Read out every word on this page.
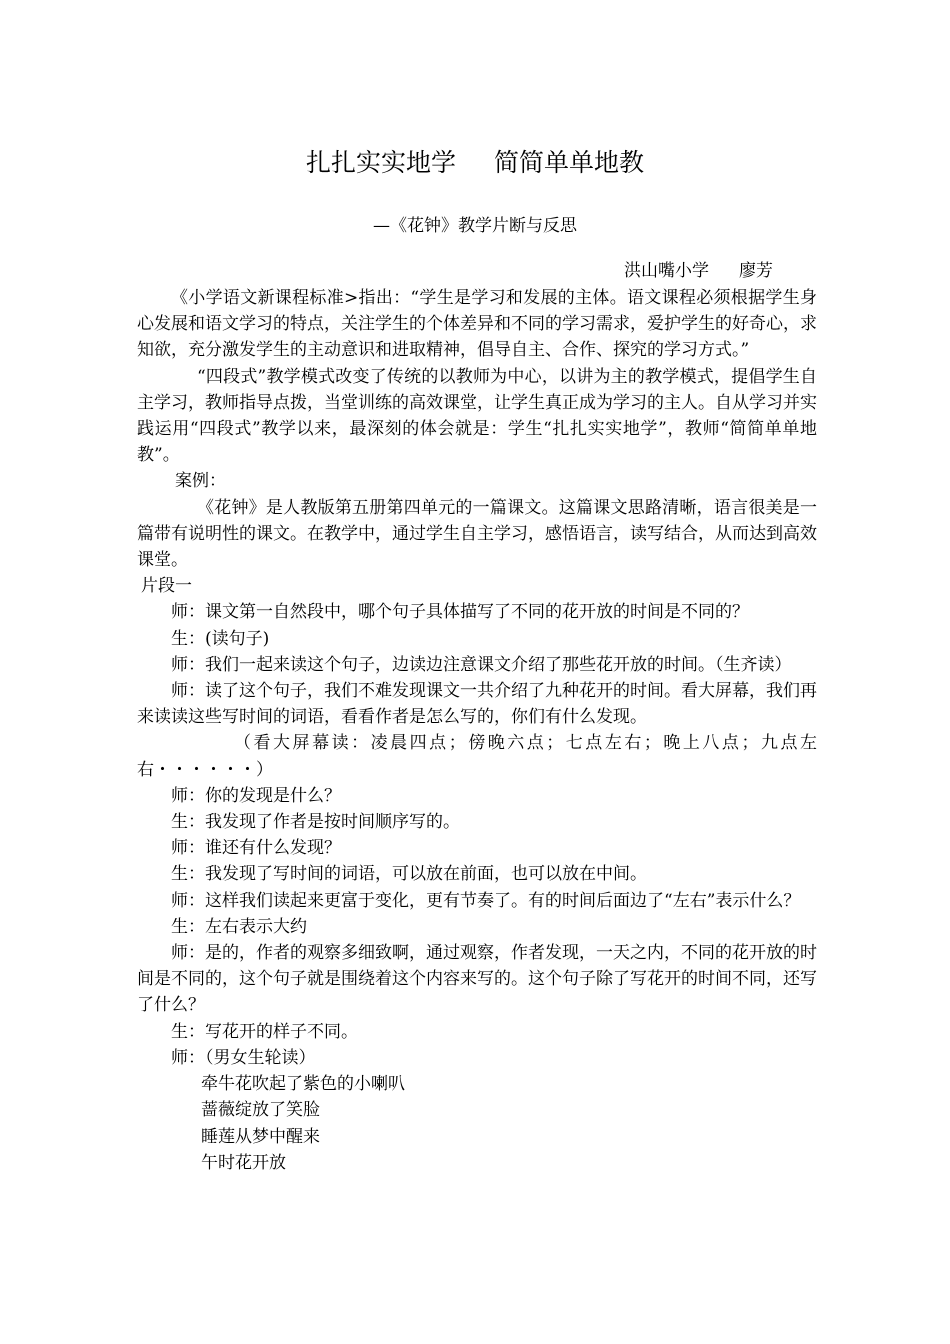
扎扎实实地学 简简单单地教
—《花钟》教学片断与反思
洪山嘴小学 廖芳

《小学语文新课程标准>指出：“学生是学习和发展的主体。语文课程必须根据学生身心发展和语文学习的特点，关注学生的个体差异和不同的学习需求，爱护学生的好奇心，求知欲，充分激发学生的主动意识和进取精神，倡导自主、合作、探究的学习方式。”

“四段式”教学模式改变了传统的以教师为中心，以讲为主的教学模式，提倡学生自主学习，教师指导点拨，当堂训练的高效课堂，让学生真正成为学习的主人。自从学习并实践运用“四段式”教学以来，最深刻的体会就是：学生“扎扎实实地学”，教师“简简单单地教”。

案例：

《花钟》是人教版第五册第四单元的一篇课文。这篇课文思路清晰，语言很美是一篇带有说明性的课文。在教学中，通过学生自主学习，感悟语言，读写结合，从而达到高效课堂。

片段一

师：课文第一自然段中，哪个句子具体描写了不同的花开放的时间是不同的？

生：(读句子)

师：我们一起来读这个句子，边读边注意课文介绍了那些花开放的时间。（生齐读）

师：读了这个句子，我们不难发现课文一共介绍了九种花开的时间。看大屏幕，我们再来读读这些写时间的词语，看看作者是怎么写的，你们有什么发现。

（看大屏幕读：凌晨四点；傍晚六点；七点左右；晚上八点；九点左右・・・・・・）

师：你的发现是什么？

生：我发现了作者是按时间顺序写的。

师：谁还有什么发现？

生：我发现了写时间的词语，可以放在前面，也可以放在中间。

师：这样我们读起来更富于变化，更有节奏了。有的时间后面边了“左右”表示什么？

生：左右表示大约

师：是的，作者的观察多细致啊，通过观察，作者发现，一天之内，不同的花开放的时间是不同的，这个句子就是围绕着这个内容来写的。这个句子除了写花开的时间不同，还写了什么？

生：写花开的样子不同。

师：（男女生轮读）

牵牛花吹起了紫色的小喇叭

蔷薇绽放了笑脸

睡莲从梦中醒来

午时花开放
